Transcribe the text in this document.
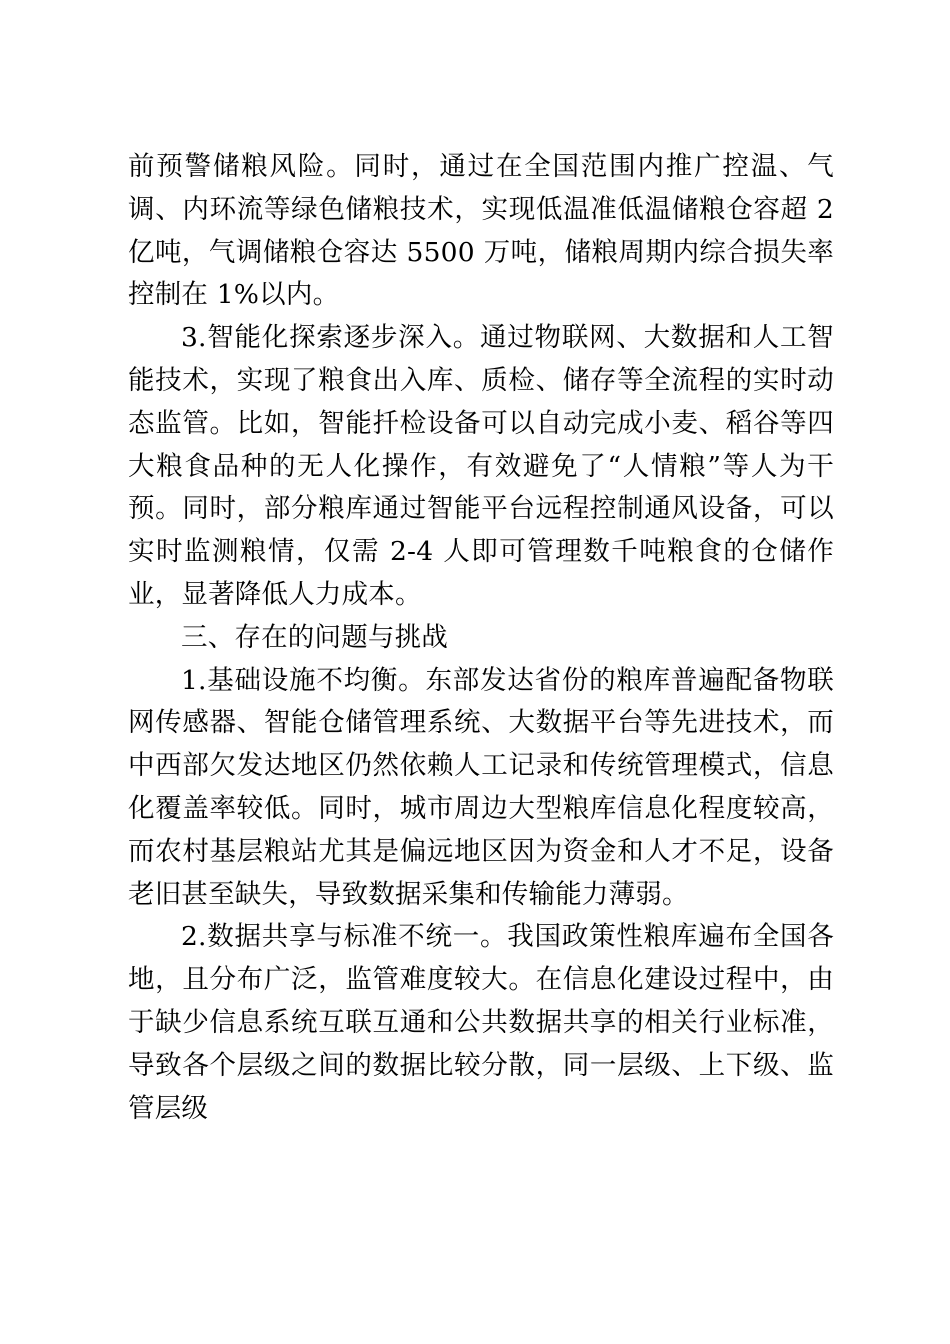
前预警储粮风险。同时，通过在全国范围内推广控温、气调、内环流等绿色储粮技术，实现低温准低温储粮仓容超 2 亿吨，气调储粮仓容达 5500 万吨，储粮周期内综合损失率控制在 1%以内。

3.智能化探索逐步深入。通过物联网、大数据和人工智能技术，实现了粮食出入库、质检、储存等全流程的实时动态监管。比如，智能扦检设备可以自动完成小麦、稻谷等四大粮食品种的无人化操作，有效避免了“人情粮”等人为干预。同时，部分粮库通过智能平台远程控制通风设备，可以实时监测粮情，仅需 2-4 人即可管理数千吨粮食的仓储作业，显著降低人力成本。

三、存在的问题与挑战

1.基础设施不均衡。东部发达省份的粮库普遍配备物联网传感器、智能仓储管理系统、大数据平台等先进技术，而中西部欠发达地区仍然依赖人工记录和传统管理模式，信息化覆盖率较低。同时，城市周边大型粮库信息化程度较高，而农村基层粮站尤其是偏远地区因为资金和人才不足，设备老旧甚至缺失，导致数据采集和传输能力薄弱。

2.数据共享与标准不统一。我国政策性粮库遍布全国各地，且分布广泛，监管难度较大。在信息化建设过程中，由于缺少信息系统互联互通和公共数据共享的相关行业标准，导致各个层级之间的数据比较分散，同一层级、上下级、监管层级
